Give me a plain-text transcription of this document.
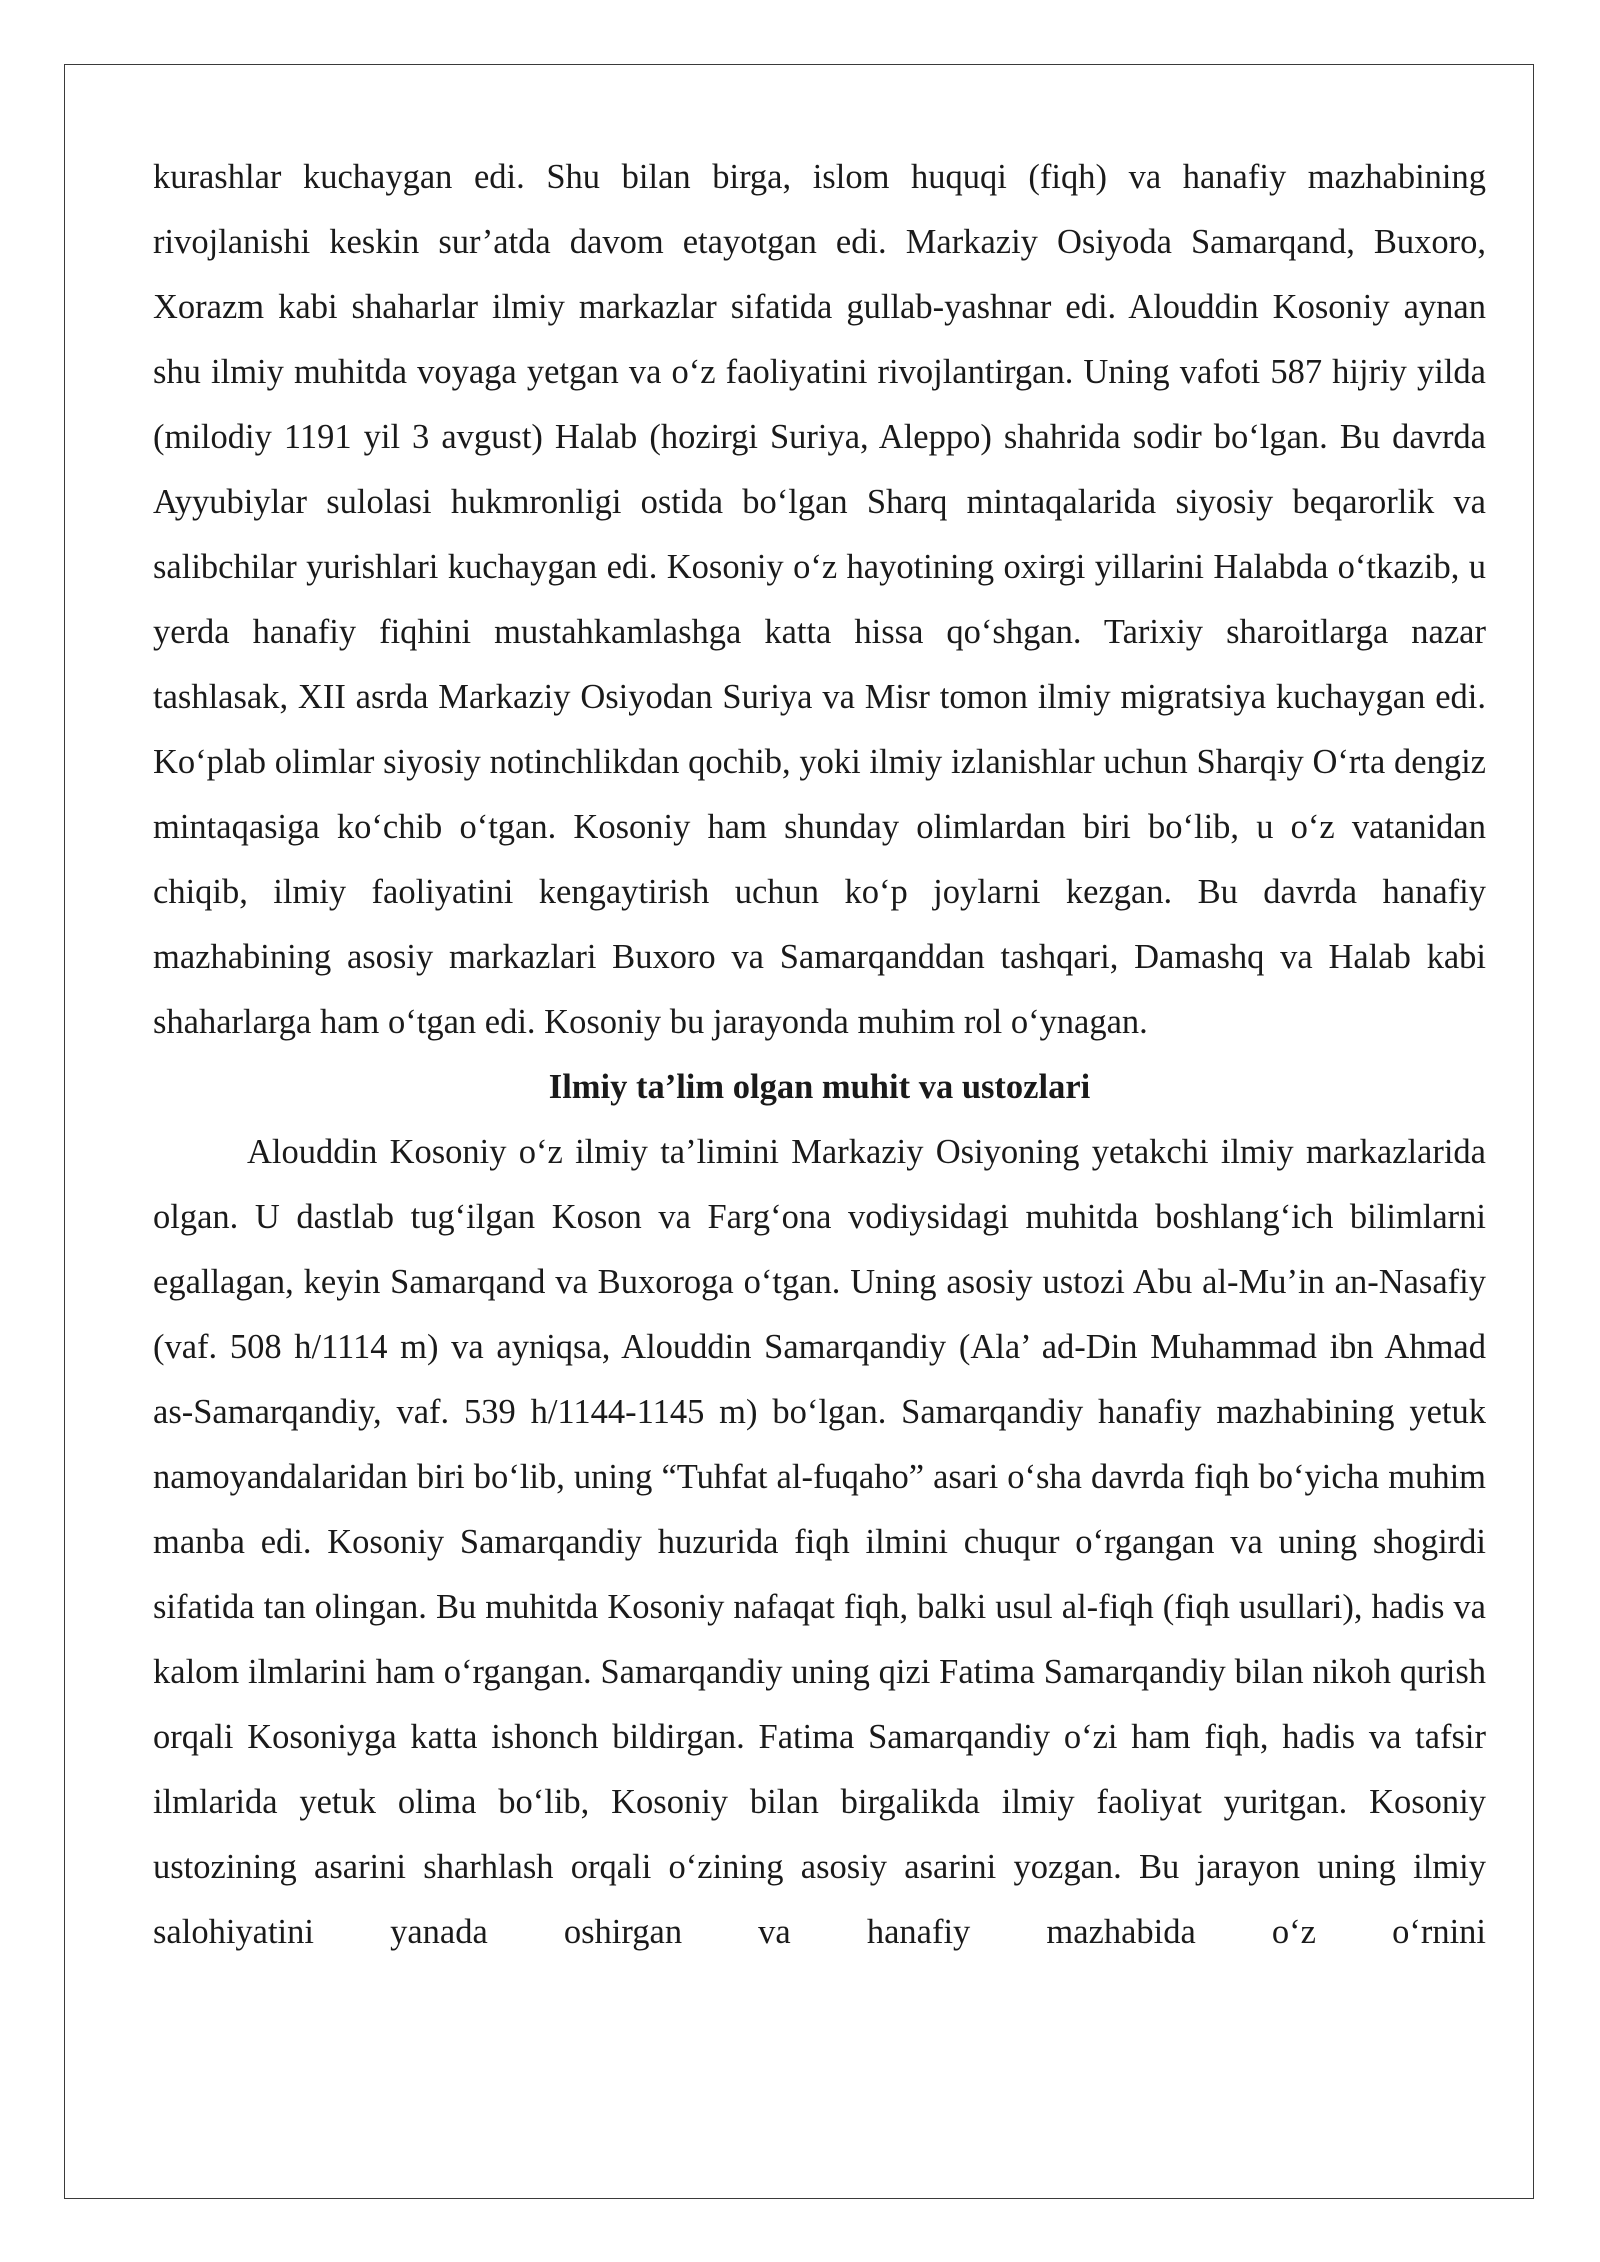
kurashlar kuchaygan edi. Shu bilan birga, islom huquqi (fiqh) va hanafiy mazhabining rivojlanishi keskin sur’atda davom etayotgan edi. Markaziy Osiyoda Samarqand, Buxoro, Xorazm kabi shaharlar ilmiy markazlar sifatida gullab-yashnar edi. Alouddin Kosoniy aynan shu ilmiy muhitda voyaga yetgan va o‘z faoliyatini rivojlantirgan. Uning vafoti 587 hijriy yilda (milodiy 1191 yil 3 avgust) Halab (hozirgi Suriya, Aleppo) shahrida sodir bo‘lgan. Bu davrda Ayyubiylar sulolasi hukmronligi ostida bo‘lgan Sharq mintaqalarida siyosiy beqarorlik va salibchilar yurishlari kuchaygan edi. Kosoniy o‘z hayotining oxirgi yillarini Halabda o‘tkazib, u yerda hanafiy fiqhini mustahkamlashga katta hissa qo‘shgan. Tarixiy sharoitlarga nazar tashlasak, XII asrda Markaziy Osiyodan Suriya va Misr tomon ilmiy migratsiya kuchaygan edi. Ko‘plab olimlar siyosiy notinchlikdan qochib, yoki ilmiy izlanishlar uchun Sharqiy O‘rta dengiz mintaqasiga ko‘chib o‘tgan. Kosoniy ham shunday olimlardan biri bo‘lib, u o‘z vatanidan chiqib, ilmiy faoliyatini kengaytirish uchun ko‘p joylarni kezgan. Bu davrda hanafiy mazhabining asosiy markazlari Buxoro va Samarqanddan tashqari, Damashq va Halab kabi shaharlarga ham o‘tgan edi. Kosoniy bu jarayonda muhim rol o‘ynagan.

Ilmiy ta’lim olgan muhit va ustozlari

Alouddin Kosoniy o‘z ilmiy ta’limini Markaziy Osiyoning yetakchi ilmiy markazlarida olgan. U dastlab tug‘ilgan Koson va Farg‘ona vodiysidagi muhitda boshlang‘ich bilimlarni egallagan, keyin Samarqand va Buxoroga o‘tgan. Uning asosiy ustozi Abu al-Mu’in an-Nasafiy (vaf. 508 h/1114 m) va ayniqsa, Alouddin Samarqandiy (Ala’ ad-Din Muhammad ibn Ahmad as-Samarqandiy, vaf. 539 h/1144-1145 m) bo‘lgan. Samarqandiy hanafiy mazhabining yetuk namoyandalaridan biri bo‘lib, uning “Tuhfat al-fuqaho” asari o‘sha davrda fiqh bo‘yicha muhim manba edi. Kosoniy Samarqandiy huzurida fiqh ilmini chuqur o‘rgangan va uning shogirdi sifatida tan olingan. Bu muhitda Kosoniy nafaqat fiqh, balki usul al-fiqh (fiqh usullari), hadis va kalom ilmlarini ham o‘rgangan. Samarqandiy uning qizi Fatima Samarqandiy bilan nikoh qurish orqali Kosoniyga katta ishonch bildirgan. Fatima Samarqandiy o‘zi ham fiqh, hadis va tafsir ilmlarida yetuk olima bo‘lib, Kosoniy bilan birgalikda ilmiy faoliyat yuritgan. Kosoniy ustozining asarini sharhlash orqali o‘zining asosiy asarini yozgan. Bu jarayon uning ilmiy salohiyatini yanada oshirgan va hanafiy mazhabida o‘z o‘rnini
